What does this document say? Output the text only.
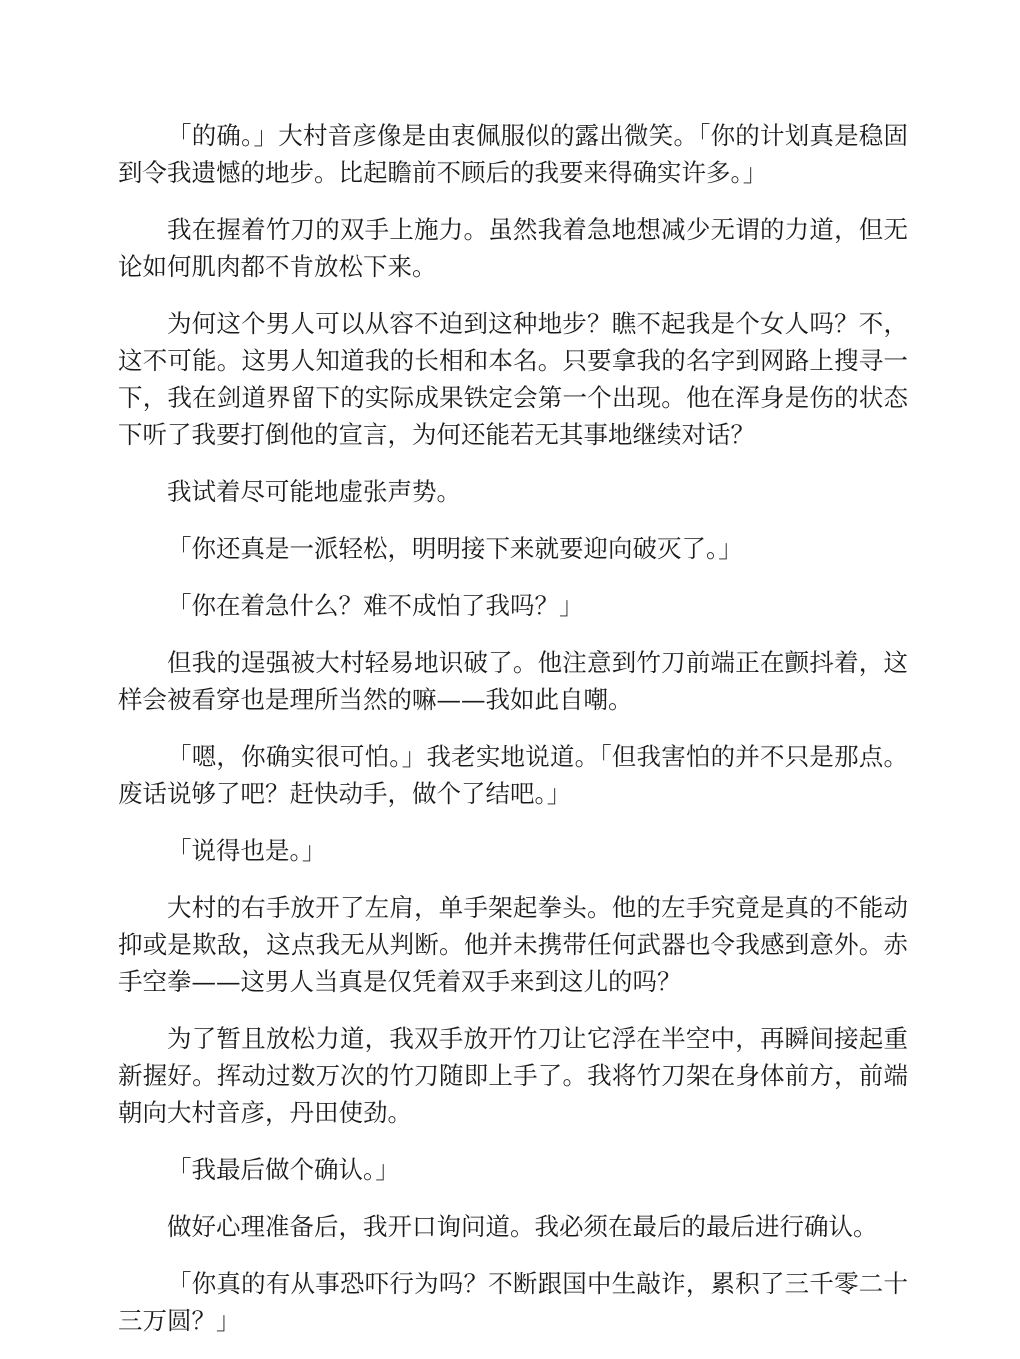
「的确。」大村音彦像是由衷佩服似的露出微笑。「你的计划真是稳固到令我遗憾的地步。比起瞻前不顾后的我要来得确实许多。」

我在握着竹刀的双手上施力。虽然我着急地想减少无谓的力道，但无论如何肌肉都不肯放松下来。

为何这个男人可以从容不迫到这种地步？瞧不起我是个女人吗？不，这不可能。这男人知道我的长相和本名。只要拿我的名字到网路上搜寻一下，我在剑道界留下的实际成果铁定会第一个出现。他在浑身是伤的状态下听了我要打倒他的宣言，为何还能若无其事地继续对话？

我试着尽可能地虚张声势。

「你还真是一派轻松，明明接下来就要迎向破灭了。」

「你在着急什么？难不成怕了我吗？」

但我的逞强被大村轻易地识破了。他注意到竹刀前端正在颤抖着，这样会被看穿也是理所当然的嘛——我如此自嘲。

「嗯，你确实很可怕。」我老实地说道。「但我害怕的并不只是那点。废话说够了吧？赶快动手，做个了结吧。」

「说得也是。」

大村的右手放开了左肩，单手架起拳头。他的左手究竟是真的不能动抑或是欺敌，这点我无从判断。他并未携带任何武器也令我感到意外。赤手空拳——这男人当真是仅凭着双手来到这儿的吗？

为了暂且放松力道，我双手放开竹刀让它浮在半空中，再瞬间接起重新握好。挥动过数万次的竹刀随即上手了。我将竹刀架在身体前方，前端朝向大村音彦，丹田使劲。

「我最后做个确认。」

做好心理准备后，我开口询问道。我必须在最后的最后进行确认。

「你真的有从事恐吓行为吗？不断跟国中生敲诈，累积了三千零二十三万圆？」
